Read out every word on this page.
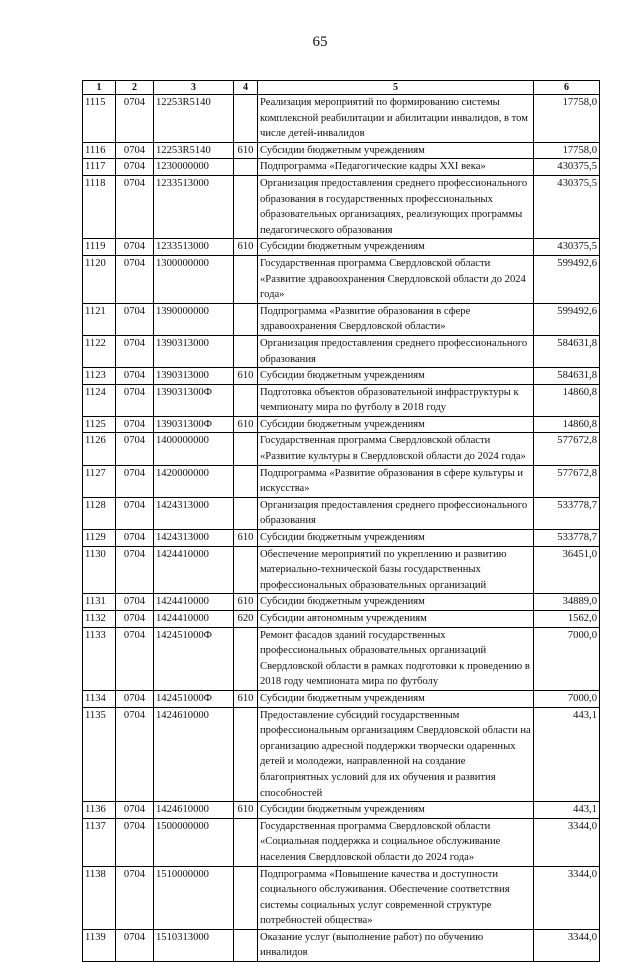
65
1	2	3	4	5	6
1115	0704	12253R5140		Реализация мероприятий по формированию системы комплексной реабилитации и абилитации инвалидов, в том числе детей-инвалидов	17758,0
1116	0704	12253R5140	610	Субсидии бюджетным учреждениям	17758,0
1117	0704	1230000000		Подпрограмма «Педагогические кадры XXI века»	430375,5
1118	0704	1233513000		Организация предоставления среднего профессионального образования в государственных профессиональных образовательных организациях, реализующих программы педагогического образования	430375,5
1119	0704	1233513000	610	Субсидии бюджетным учреждениям	430375,5
1120	0704	1300000000		Государственная программа Свердловской области «Развитие здравоохранения Свердловской области до 2024 года»	599492,6
1121	0704	1390000000		Подпрограмма «Развитие образования в сфере здравоохранения Свердловской области»	599492,6
1122	0704	1390313000		Организация предоставления среднего профессионального образования	584631,8
1123	0704	1390313000	610	Субсидии бюджетным учреждениям	584631,8
1124	0704	139031300Ф		Подготовка объектов образовательной инфраструктуры к чемпионату мира по футболу в 2018 году	14860,8
1125	0704	139031300Ф	610	Субсидии бюджетным учреждениям	14860,8
1126	0704	1400000000		Государственная программа Свердловской области «Развитие культуры в Свердловской области до 2024 года»	577672,8
1127	0704	1420000000		Подпрограмма «Развитие образования в сфере культуры и искусства»	577672,8
1128	0704	1424313000		Организация предоставления среднего профессионального образования	533778,7
1129	0704	1424313000	610	Субсидии бюджетным учреждениям	533778,7
1130	0704	1424410000		Обеспечение мероприятий по укреплению и развитию материально-технической базы государственных профессиональных образовательных организаций	36451,0
1131	0704	1424410000	610	Субсидии бюджетным учреждениям	34889,0
1132	0704	1424410000	620	Субсидии автономным учреждениям	1562,0
1133	0704	142451000Ф		Ремонт фасадов зданий государственных профессиональных образовательных организаций Свердловской области в рамках подготовки к проведению в 2018 году чемпионата мира по футболу	7000,0
1134	0704	142451000Ф	610	Субсидии бюджетным учреждениям	7000,0
1135	0704	1424610000		Предоставление субсидий государственным профессиональным организациям Свердловской области на организацию адресной поддержки творчески одаренных детей и молодежи, направленной на создание благоприятных условий для их обучения и развития способностей	443,1
1136	0704	1424610000	610	Субсидии бюджетным учреждениям	443,1
1137	0704	1500000000		Государственная программа Свердловской области «Социальная поддержка и социальное обслуживание населения Свердловской области до 2024 года»	3344,0
1138	0704	1510000000		Подпрограмма «Повышение качества и доступности социального обслуживания. Обеспечение соответствия системы социальных услуг современной структуре потребностей общества»	3344,0
1139	0704	1510313000		Оказание услуг (выполнение работ) по обучению инвалидов	3344,0
